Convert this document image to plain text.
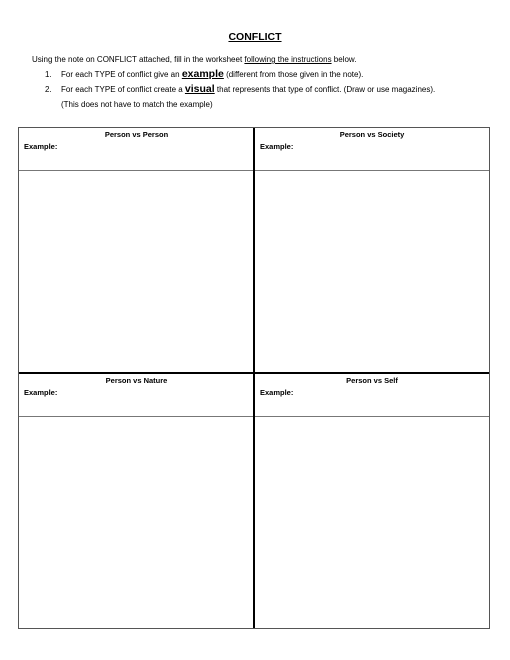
CONFLICT
Using the note on CONFLICT attached, fill in the worksheet following the instructions below.
1. For each TYPE of conflict give an example (different from those given in the note).
2. For each TYPE of conflict create a visual that represents that type of conflict. (Draw or use magazines).
(This does not have to match the example)
Person vs Person
Example:
Person vs Society
Example:
Person vs Nature
Example:
Person vs Self
Example:
